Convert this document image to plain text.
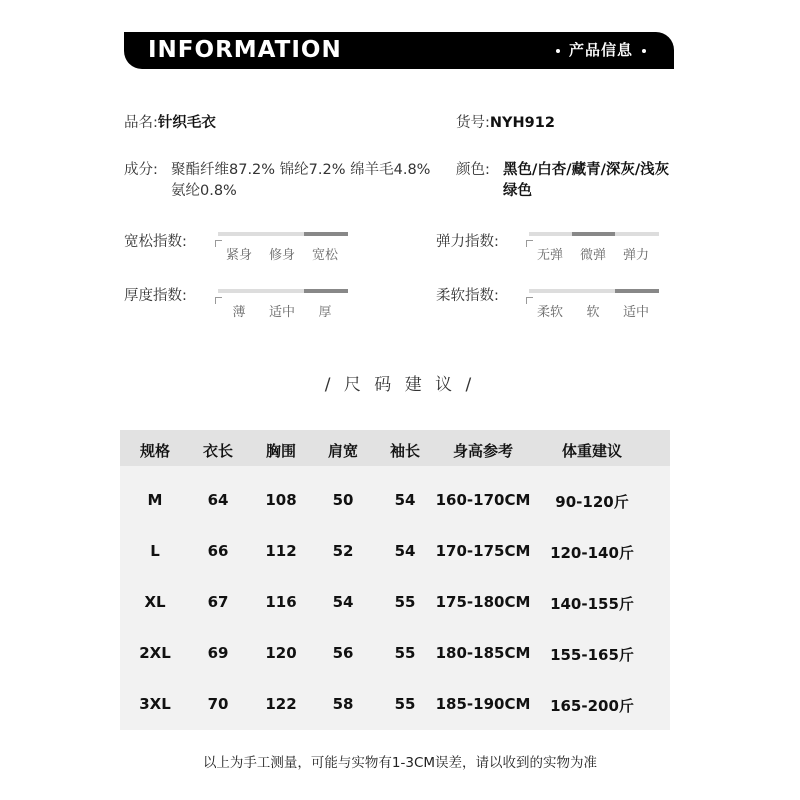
INFORMATION	产品信息
品名:针织毛衣	货号:NYH912
成分: 聚酯纤维87.2% 锦纶7.2% 绵羊毛4.8%
氨纶0.8%
颜色: 黑色/白杏/藏青/深灰/浅灰
绿色
宽松指数:
紧身	修身	宽松
弹力指数:
无弹	微弹	弹力
厚度指数:
薄	适中	厚
柔软指数:
柔软	软	适中
/ 尺 码 建 议 /
规格	衣长	胸围	肩宽	袖长	身高参考	体重建议
M	64	108	50	54	160-170CM	90-120斤
L	66	112	52	54	170-175CM	120-140斤
XL	67	116	54	55	175-180CM	140-155斤
2XL	69	120	56	55	180-185CM	155-165斤
3XL	70	122	58	55	185-190CM	165-200斤
以上为手工测量，可能与实物有1-3CM误差，请以收到的实物为准
